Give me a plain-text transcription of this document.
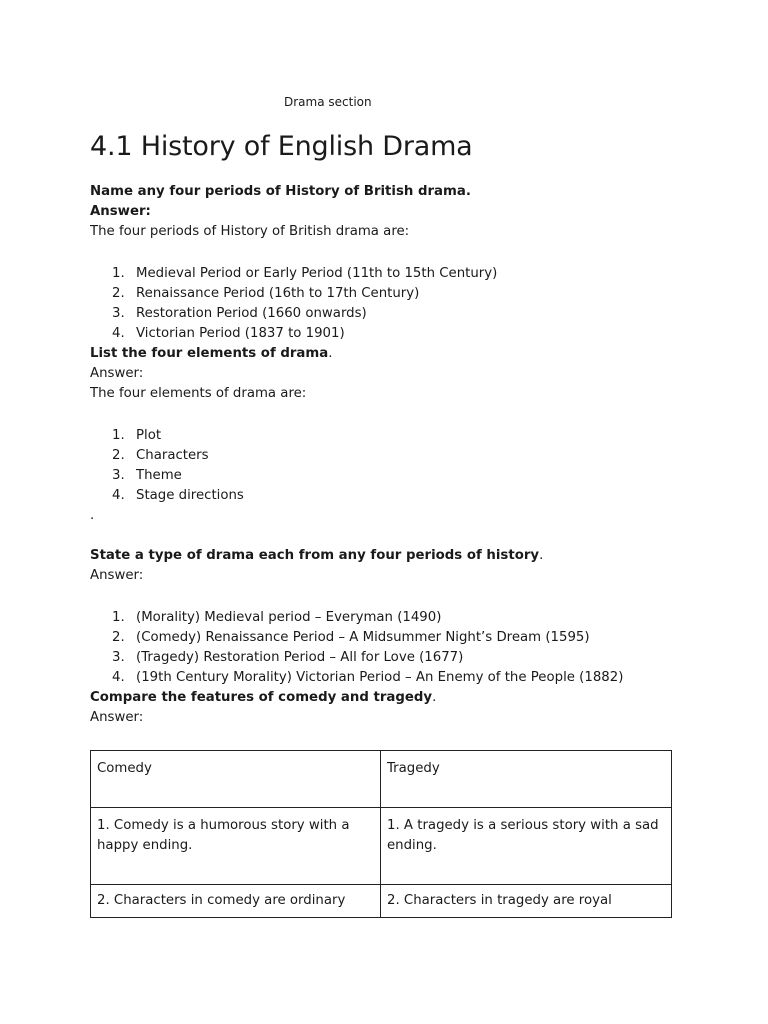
Drama section
4.1 History of English Drama

Name any four periods of History of British drama.

Answer:

The four periods of History of British drama are:

1. Medieval Period or Early Period (11th to 15th Century)
2. Renaissance Period (16th to 17th Century)
3. Restoration Period (1660 onwards)
4. Victorian Period (1837 to 1901)

List the four elements of drama.

Answer:

The four elements of drama are:

1. Plot
2. Characters
3. Theme
4. Stage directions

.

State a type of drama each from any four periods of history.

Answer:

1. (Morality) Medieval period – Everyman (1490)
2. (Comedy) Renaissance Period – A Midsummer Night’s Dream (1595)
3. (Tragedy) Restoration Period – All for Love (1677)
4. (19th Century Morality) Victorian Period – An Enemy of the People (1882)

Compare the features of comedy and tragedy.

Answer:

Comedy	Tragedy
1. Comedy is a humorous story with a happy ending.	1. A tragedy is a serious story with a sad ending.
2. Characters in comedy are ordinary	2. Characters in tragedy are royal
